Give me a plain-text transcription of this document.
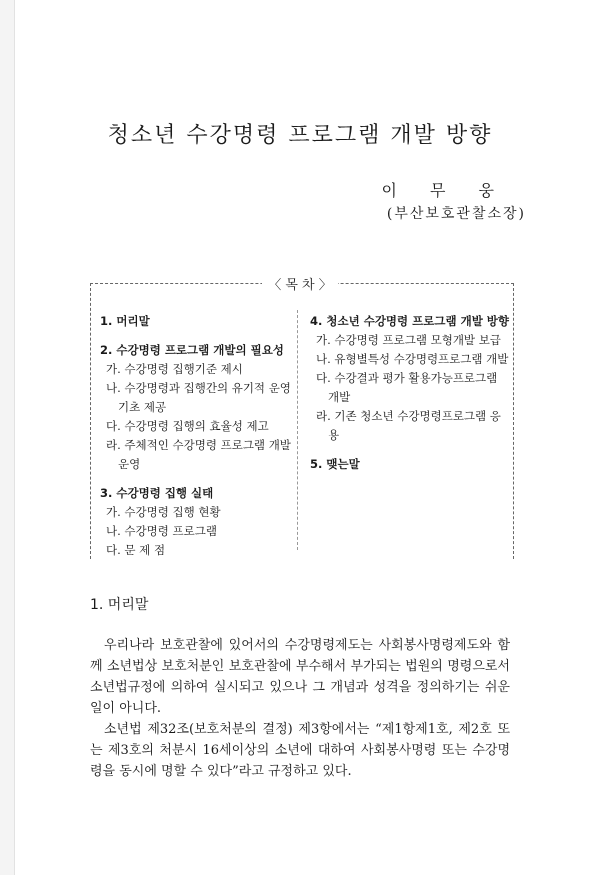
청소년 수강명령 프로그램 개발 방향
이 무 웅
(부산보호관찰소장)
〈 목 차 〉
1. 머리말
2. 수강명령 프로그램 개발의 필요성
가. 수강명령 집행기준 제시
나. 수강명령과 집행간의 유기적 운영 기초 제공
다. 수강명령 집행의 효율성 제고
라. 주체적인 수강명령 프로그램 개발 운영
3. 수강명령 집행 실태
가. 수강명령 집행 현황
나. 수강명령 프로그램
다. 문 제 점
4. 청소년 수강명령 프로그램 개발 방향
가. 수강명령 프로그램 모형개발 보급
나. 유형별특성 수강명령프로그램 개발
다. 수강결과 평가 활용가능프로그램 개발
라. 기존 청소년 수강명령프로그램 응용
5. 맺는말
1. 머리말

우리나라 보호관찰에 있어서의 수강명령제도는 사회봉사명령제도와 함께 소년법상 보호처분인 보호관찰에 부수해서 부가되는 법원의 명령으로서 소년법규정에 의하여 실시되고 있으나 그 개념과 성격을 정의하기는 쉬운일이 아니다.

소년법 제32조(보호처분의 결정) 제3항에서는 “제1항제1호, 제2호 또는 제3호의 처분시 16세이상의 소년에 대하여 사회봉사명령 또는 수강명령을 동시에 명할 수 있다”라고 규정하고 있다.
